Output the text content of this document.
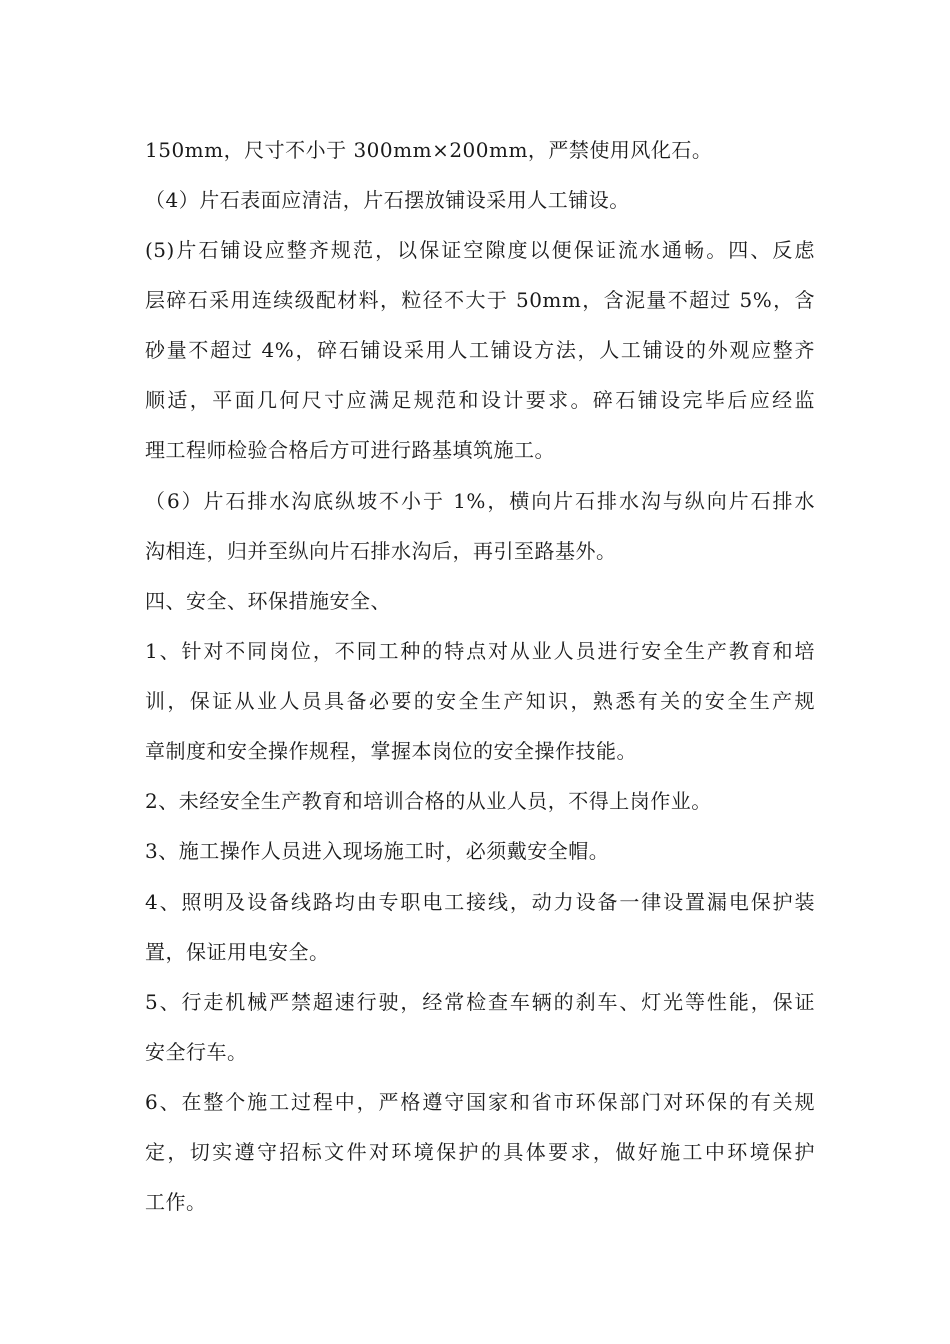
150mm，尺寸不小于 300mm×200mm，严禁使用风化石。
（4）片石表面应清洁，片石摆放铺设采用人工铺设。
(5)片石铺设应整齐规范，以保证空隙度以便保证流水通畅。四、反虑
层碎石采用连续级配材料，粒径不大于 50mm，含泥量不超过 5%，含
砂量不超过 4%，碎石铺设采用人工铺设方法，人工铺设的外观应整齐
顺适，平面几何尺寸应满足规范和设计要求。碎石铺设完毕后应经监
理工程师检验合格后方可进行路基填筑施工。
（6）片石排水沟底纵坡不小于 1%，横向片石排水沟与纵向片石排水
沟相连，归并至纵向片石排水沟后，再引至路基外。
四、安全、环保措施安全、
1、针对不同岗位，不同工种的特点对从业人员进行安全生产教育和培
训，保证从业人员具备必要的安全生产知识，熟悉有关的安全生产规
章制度和安全操作规程，掌握本岗位的安全操作技能。
2、未经安全生产教育和培训合格的从业人员，不得上岗作业。
3、施工操作人员进入现场施工时，必须戴安全帽。
4、照明及设备线路均由专职电工接线，动力设备一律设置漏电保护装
置，保证用电安全。
5、行走机械严禁超速行驶，经常检查车辆的刹车、灯光等性能，保证
安全行车。
6、在整个施工过程中，严格遵守国家和省市环保部门对环保的有关规
定，切实遵守招标文件对环境保护的具体要求，做好施工中环境保护
工作。
